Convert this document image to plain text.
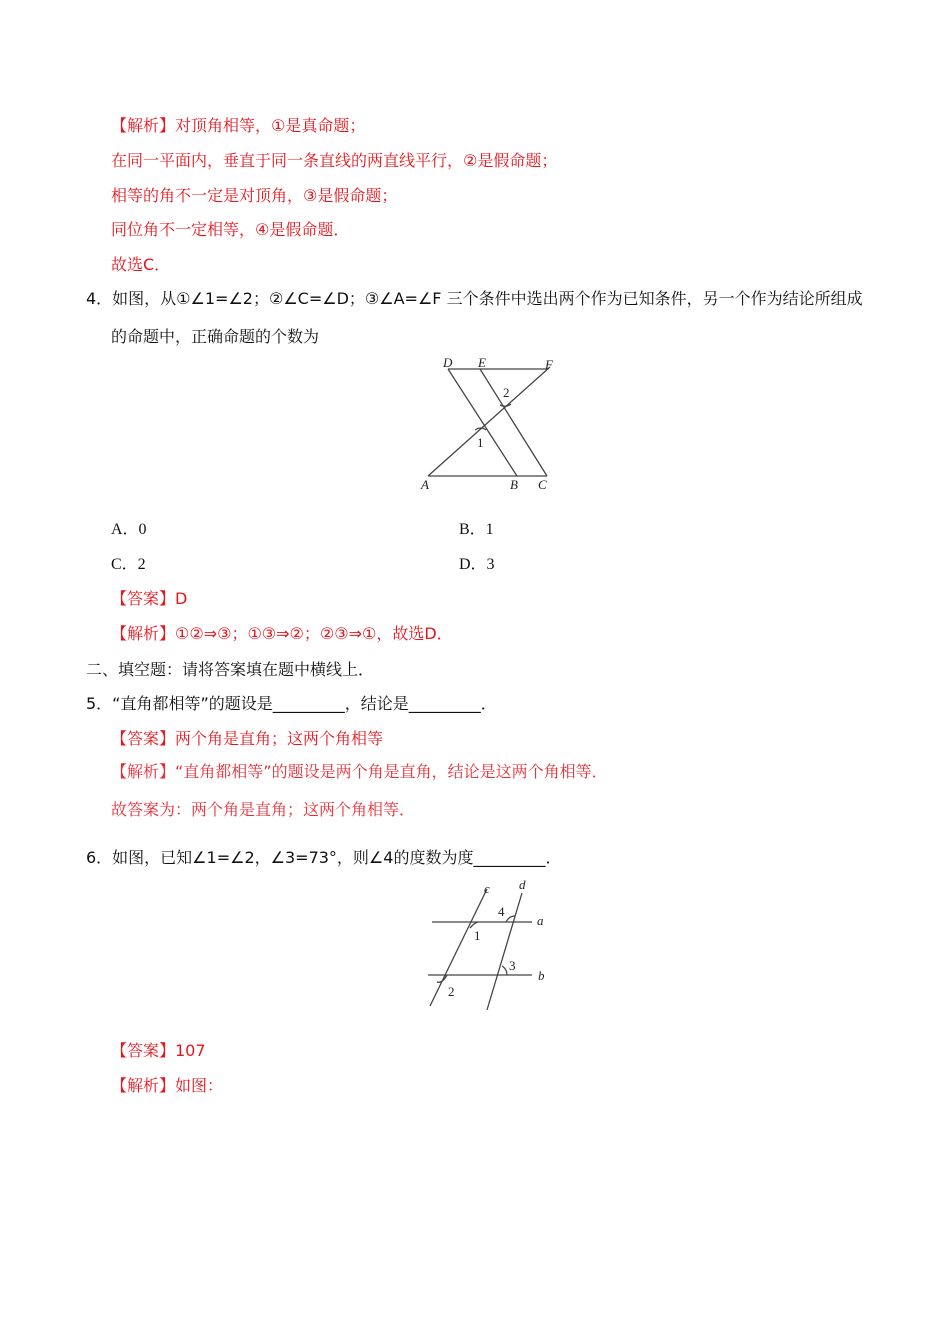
【解析】对顶角相等，①是真命题；
在同一平面内，垂直于同一条直线的两直线平行，②是假命题；
相等的角不一定是对顶角，③是假命题；
同位角不一定相等，④是假命题．
故选C．
4．如图，从①∠1=∠2；②∠C=∠D；③∠A=∠F 三个条件中选出两个作为已知条件，另一个作为结论所组成
的命题中，正确命题的个数为
D E	F
A	B C
1
2
c d
a
b
1
2
3
4
A．0	B．1
C．2	D．3
【答案】D
【解析】①②⇒③；①③⇒②；②③⇒①，故选D．
二、填空题：请将答案填在题中横线上．
5．“直角都相等”的题设是_________，结论是_________．
【答案】两个角是直角；这两个角相等
【解析】“直角都相等”的题设是两个角是直角，结论是这两个角相等．
故答案为：两个角是直角；这两个角相等．
6．如图，已知∠1=∠2，∠3=73°，则∠4的度数为度_________．
【答案】107
【解析】如图：
